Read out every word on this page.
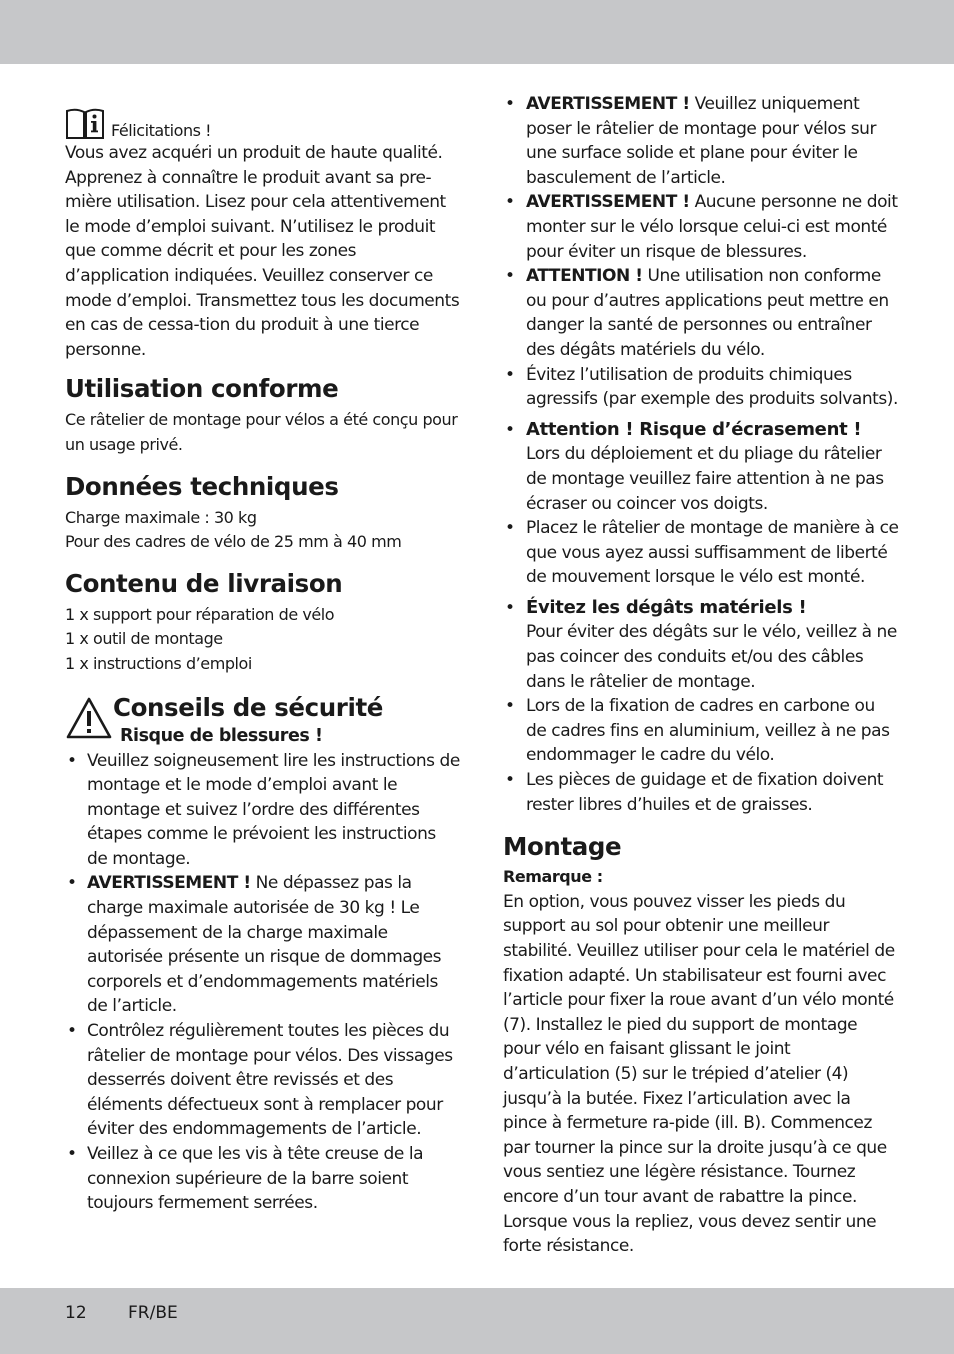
Félicitations !

Vous avez acquéri un produit de haute qualité. Apprenez à connaître le produit avant sa pre-mière utilisation. Lisez pour cela attentivement le mode d’emploi suivant. N’utilisez le produit que comme décrit et pour les zones d’application indiquées. Veuillez conserver ce mode d’emploi. Transmettez tous les documents en cas de cessa-tion du produit à une tierce personne.

Utilisation conforme

Ce râtelier de montage pour vélos a été conçu pour un usage privé.

Données techniques

Charge maximale : 30 kg

Pour des cadres de vélo de 25 mm à 40 mm

Contenu de livraison

1 x support pour réparation de vélo

1 x outil de montage

1 x instructions d’emploi

Conseils de sécurité
Risque de blessures !
• Veuillez soigneusement lire les instructions de montage et le mode d’emploi avant le montage et suivez l’ordre des différentes étapes comme le prévoient les instructions de montage.
• AVERTISSEMENT ! Ne dépassez pas la charge maximale autorisée de 30 kg ! Le dépassement de la charge maximale autorisée présente un risque de dommages corporels et d’endommagements matériels de l’article.
• Contrôlez régulièrement toutes les pièces du râtelier de montage pour vélos. Des vissages desserrés doivent être revissés et des éléments défectueux sont à remplacer pour éviter des endommagements de l’article.
• Veillez à ce que les vis à tête creuse de la connexion supérieure de la barre soient toujours fermement serrées.
• AVERTISSEMENT ! Veuillez uniquement poser le râtelier de montage pour vélos sur une surface solide et plane pour éviter le basculement de l’article.
• AVERTISSEMENT ! Aucune personne ne doit monter sur le vélo lorsque celui-ci est monté pour éviter un risque de blessures.
• ATTENTION ! Une utilisation non conforme ou pour d’autres applications peut mettre en danger la santé de personnes ou entraîner des dégâts matériels du vélo.
• Évitez l’utilisation de produits chimiques agressifs (par exemple des produits solvants).
• Attention ! Risque d’écrasement !
Lors du déploiement et du pliage du râtelier de montage veuillez faire attention à ne pas écraser ou coincer vos doigts.
• Placez le râtelier de montage de manière à ce que vous ayez aussi suffisamment de liberté de mouvement lorsque le vélo est monté.
• Évitez les dégâts matériels !
Pour éviter des dégâts sur le vélo, veillez à ne pas coincer des conduits et/ou des câbles dans le râtelier de montage.
• Lors de la fixation de cadres en carbone ou de cadres fins en aluminium, veillez à ne pas endommager le cadre du vélo.
• Les pièces de guidage et de fixation doivent rester libres d’huiles et de graisses.
Montage

Remarque :

En option, vous pouvez visser les pieds du support au sol pour obtenir une meilleur stabilité. Veuillez utiliser pour cela le matériel de fixation adapté. Un stabilisateur est fourni avec l’article pour fixer la roue avant d’un vélo monté (7). Installez le pied du support de montage pour vélo en faisant glissant le joint d’articulation (5) sur le trépied d’atelier (4) jusqu’à la butée. Fixez l’articulation avec la pince à fermeture ra-pide (ill. B). Commencez par tourner la pince sur la droite jusqu’à ce que vous sentiez une légère résistance. Tournez encore d’un tour avant de rabattre la pince. Lorsque vous la repliez, vous devez sentir une forte résistance.

12 FR/BE
